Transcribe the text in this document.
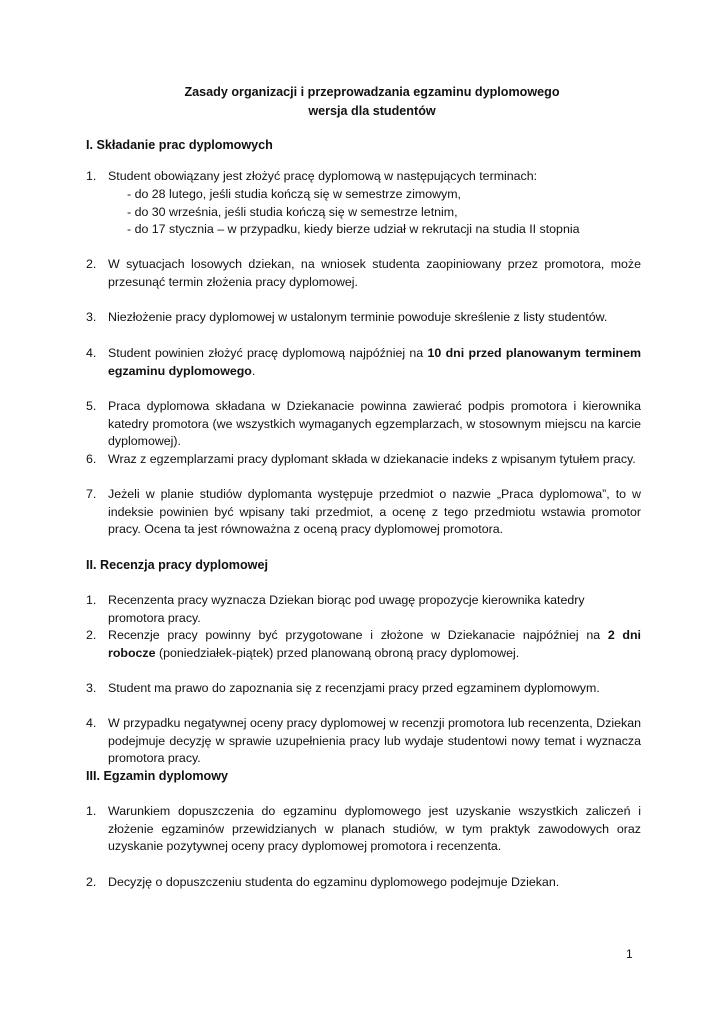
Zasady organizacji i przeprowadzania egzaminu dyplomowego
wersja dla studentów
I. Składanie prac dyplomowych
1. Student obowiązany jest złożyć pracę dyplomową w następujących terminach:
- do 28 lutego, jeśli studia kończą się w semestrze zimowym,
- do 30 września, jeśli studia kończą się w semestrze letnim,
- do 17 stycznia – w przypadku, kiedy bierze udział w rekrutacji na studia II stopnia
2. W sytuacjach losowych dziekan, na wniosek studenta zaopiniowany przez promotora, może przesunąć termin złożenia pracy dyplomowej.
3. Niezłożenie pracy dyplomowej w ustalonym terminie powoduje skreślenie z listy studentów.
4. Student powinien złożyć pracę dyplomową najpóźniej na 10 dni przed planowanym terminem egzaminu dyplomowego.
5. Praca dyplomowa składana w Dziekanacie powinna zawierać podpis promotora i kierownika katedry promotora (we wszystkich wymaganych egzemplarzach, w stosownym miejscu na karcie dyplomowej).
6. Wraz z egzemplarzami pracy dyplomant składa w dziekanacie indeks z wpisanym tytułem pracy.
7. Jeżeli w planie studiów dyplomanta występuje przedmiot o nazwie „Praca dyplomowa”, to w indeksie powinien być wpisany taki przedmiot, a ocenę z tego przedmiotu wstawia promotor pracy. Ocena ta jest równoważna z oceną pracy dyplomowej promotora.
II. Recenzja pracy dyplomowej
1. Recenzenta pracy wyznacza Dziekan biorąc pod uwagę propozycje kierownika katedry promotora pracy.
2. Recenzje pracy powinny być przygotowane i złożone w Dziekanacie najpóźniej na 2 dni robocze (poniedziałek-piątek) przed planowaną obroną pracy dyplomowej.
3. Student ma prawo do zapoznania się z recenzjami pracy przed egzaminem dyplomowym.
4. W przypadku negatywnej oceny pracy dyplomowej w recenzji promotora lub recenzenta, Dziekan podejmuje decyzję w sprawie uzupełnienia pracy lub wydaje studentowi nowy temat i wyznacza promotora pracy.
III. Egzamin dyplomowy
1. Warunkiem dopuszczenia do egzaminu dyplomowego jest uzyskanie wszystkich zaliczeń i złożenie egzaminów przewidzianych w planach studiów, w tym praktyk zawodowych oraz uzyskanie pozytywnej oceny pracy dyplomowej promotora i recenzenta.
2. Decyzję o dopuszczeniu studenta do egzaminu dyplomowego podejmuje Dziekan.
1
